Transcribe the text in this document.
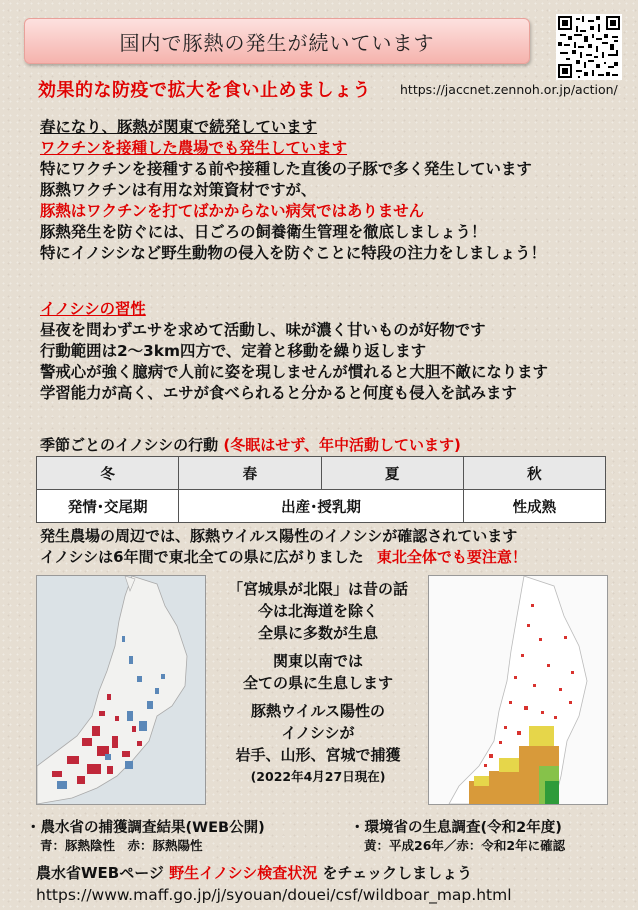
国内で豚熱の発生が続いています
効果的な防疫で拡大を食い止めましょう https://jaccnet.zennoh.or.jp/action/
春になり、豚熱が関東で続発しています
ワクチンを接種した農場でも発生しています
特にワクチンを接種する前や接種した直後の子豚で多く発生しています
豚熱ワクチンは有用な対策資材ですが、
豚熱はワクチンを打てばかからない病気ではありません
豚熱発生を防ぐには、日ごろの飼養衛生管理を徹底しましょう！
特にイノシシなど野生動物の侵入を防ぐことに特段の注力をしましょう！
イノシシの習性
昼夜を問わずエサを求めて活動し、味が濃く甘いものが好物です
行動範囲は2～3km四方で、定着と移動を繰り返します
警戒心が強く臆病で人前に姿を現しませんが慣れると大胆不敵になります
学習能力が高く、エサが食べられると分かると何度も侵入を試みます
季節ごとのイノシシの行動 (冬眠はせず、年中活動しています)
冬	春	夏	秋
発情･交尾期	出産･授乳期		性成熟
発生農場の周辺では、豚熱ウイルス陽性のイノシシが確認されています
イノシシは6年間で東北全ての県に広がりました 東北全体でも要注意！
「宮城県が北限」は昔の話
今は北海道を除く
全県に多数が生息
関東以南では
全ての県に生息します
豚熱ウイルス陽性の
イノシシが
岩手、山形、宮城で捕獲
(2022年4月27日現在)
・農水省の捕獲調査結果(WEB公開)
青：豚熱陰性　赤：豚熱陽性
・環境省の生息調査(令和2年度)
黄：平成26年／赤：令和2年に確認
農水省WEBページ 野生イノシシ検査状況 をチェックしましょう
https://www.maff.go.jp/j/syouan/douei/csf/wildboar_map.html
